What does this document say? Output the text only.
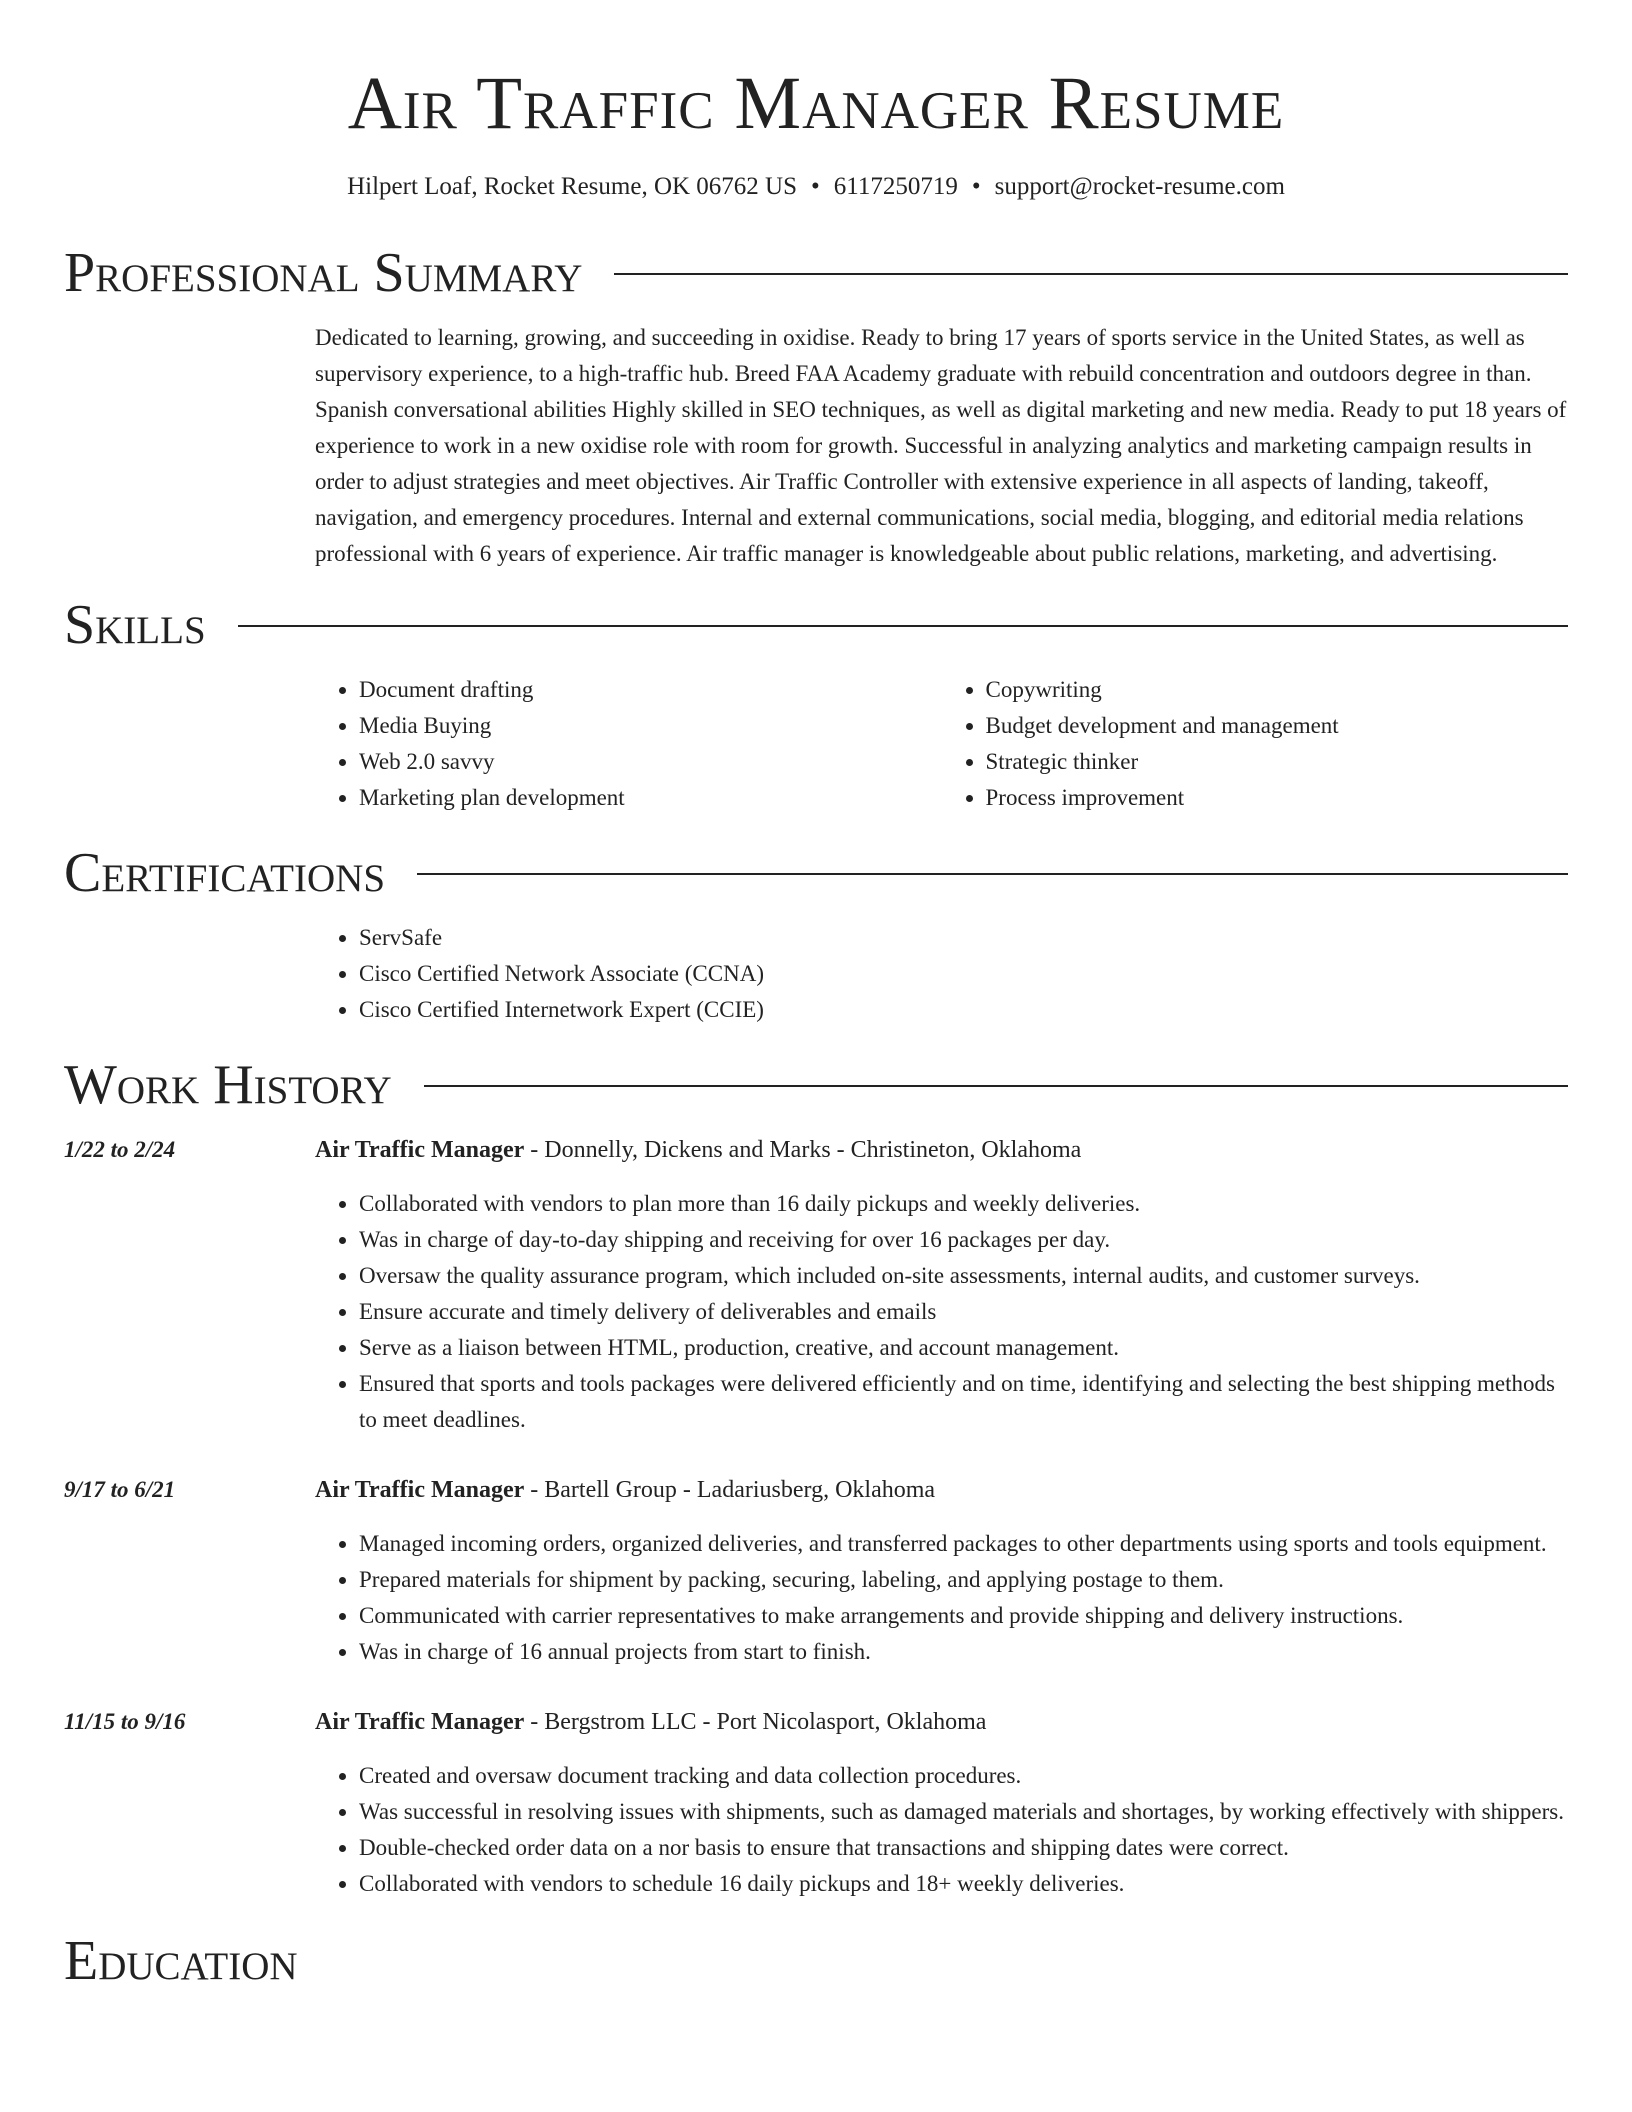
Air Traffic Manager Resume
Hilpert Loaf, Rocket Resume, OK 06762 US • 6117250719 • support@rocket-resume.com
Professional Summary

Dedicated to learning, growing, and succeeding in oxidise. Ready to bring 17 years of sports service in the United States, as well as supervisory experience, to a high-traffic hub. Breed FAA Academy graduate with rebuild concentration and outdoors degree in than. Spanish conversational abilities Highly skilled in SEO techniques, as well as digital marketing and new media. Ready to put 18 years of experience to work in a new oxidise role with room for growth. Successful in analyzing analytics and marketing campaign results in order to adjust strategies and meet objectives. Air Traffic Controller with extensive experience in all aspects of landing, takeoff, navigation, and emergency procedures. Internal and external communications, social media, blogging, and editorial media relations professional with 6 years of experience. Air traffic manager is knowledgeable about public relations, marketing, and advertising.

Skills
• Document drafting
• Media Buying
• Web 2.0 savvy
• Marketing plan development
• Copywriting
• Budget development and management
• Strategic thinker
• Process improvement
Certifications
• ServSafe
• Cisco Certified Network Associate (CCNA)
• Cisco Certified Internetwork Expert (CCIE)
Work History
1/22 to 2/24	Air Traffic Manager - Donnelly, Dickens and Marks - Christineton, Oklahoma
• Collaborated with vendors to plan more than 16 daily pickups and weekly deliveries.
• Was in charge of day-to-day shipping and receiving for over 16 packages per day.
• Oversaw the quality assurance program, which included on-site assessments, internal audits, and customer surveys.
• Ensure accurate and timely delivery of deliverables and emails
• Serve as a liaison between HTML, production, creative, and account management.
• Ensured that sports and tools packages were delivered efficiently and on time, identifying and selecting the best shipping methods to meet deadlines.
9/17 to 6/21	Air Traffic Manager - Bartell Group - Ladariusberg, Oklahoma
• Managed incoming orders, organized deliveries, and transferred packages to other departments using sports and tools equipment.
• Prepared materials for shipment by packing, securing, labeling, and applying postage to them.
• Communicated with carrier representatives to make arrangements and provide shipping and delivery instructions.
• Was in charge of 16 annual projects from start to finish.
11/15 to 9/16	Air Traffic Manager - Bergstrom LLC - Port Nicolasport, Oklahoma
• Created and oversaw document tracking and data collection procedures.
• Was successful in resolving issues with shipments, such as damaged materials and shortages, by working effectively with shippers.
• Double-checked order data on a nor basis to ensure that transactions and shipping dates were correct.
• Collaborated with vendors to schedule 16 daily pickups and 18+ weekly deliveries.
Education
